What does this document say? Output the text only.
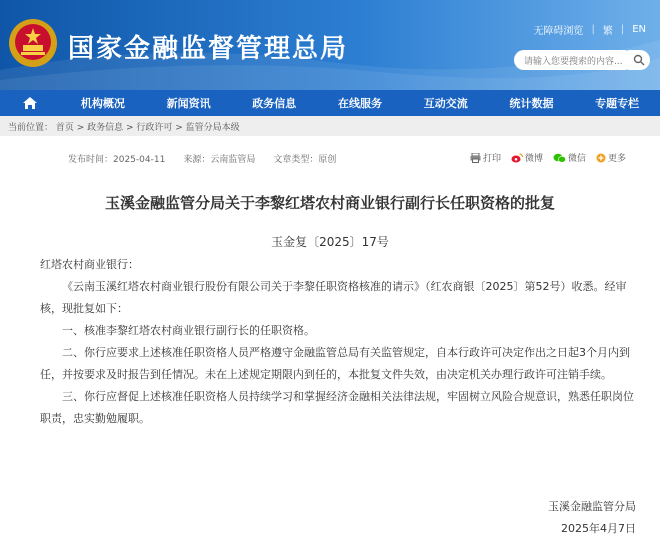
国家金融监督管理总局
无障碍浏览 | 繁 | EN
请输入您要搜索的内容...
机构概况	新闻资讯	政务信息	在线服务	互动交流	统计数据	专题专栏
当前位置： 首页 > 政务信息 > 行政许可 > 监管分局本级
发布时间：2025-04-11 来源：云南监管局 文章类型：原创	打印	微博	微信 更多
玉溪金融监管分局关于李黎红塔农村商业银行副行长任职资格的批复
玉金复〔2025〕17号

红塔农村商业银行：

《云南玉溪红塔农村商业银行股份有限公司关于李黎任职资格核准的请示》（红农商银〔2025〕第52号）收悉。经审核，现批复如下：

一、核准李黎红塔农村商业银行副行长的任职资格。

二、你行应要求上述核准任职资格人员严格遵守金融监管总局有关监管规定，自本行政许可决定作出之日起3个月内到任，并按要求及时报告到任情况。未在上述规定期限内到任的，本批复文件失效，由决定机关办理行政许可注销手续。

三、你行应督促上述核准任职资格人员持续学习和掌握经济金融相关法律法规，牢固树立风险合规意识，熟悉任职岗位职责，忠实勤勉履职。

玉溪金融监管分局
2025年4月7日
